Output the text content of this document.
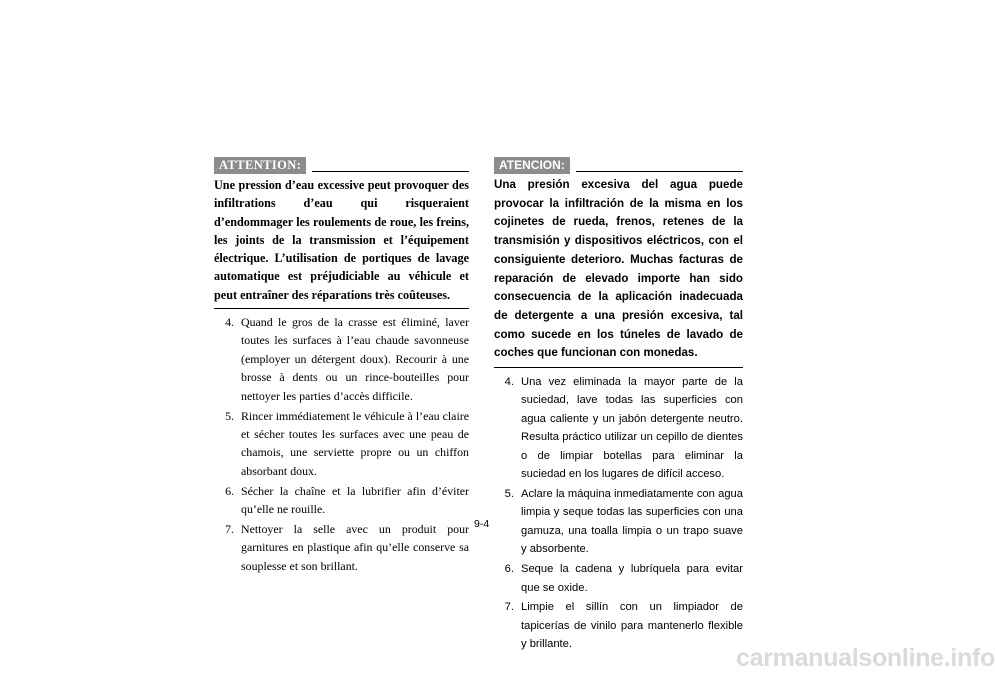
ATTENTION:
Une pression d’eau excessive peut provoquer des infiltrations d’eau qui risqueraient d’endommager les roulements de roue, les freins, les joints de la transmission et l’équipement électrique. L’utilisation de portiques de lavage automatique est préjudiciable au véhicule et peut entraîner des réparations très coûteuses.
4. Quand le gros de la crasse est éliminé, laver toutes les surfaces à l’eau chaude savonneuse (employer un détergent doux). Recourir à une brosse à dents ou un rince-bouteilles pour nettoyer les parties d’accès difficile.
5. Rincer immédiatement le véhicule à l’eau claire et sécher toutes les surfaces avec une peau de chamois, une serviette propre ou un chiffon absorbant doux.
6. Sécher la chaîne et la lubrifier afin d’éviter qu’elle ne rouille.
7. Nettoyer la selle avec un produit pour garnitures en plastique afin qu’elle conserve sa souplesse et son brillant.
ATENCION:
Una presión excesiva del agua puede provocar la infiltración de la misma en los cojinetes de rueda, frenos, retenes de la transmisión y dispositivos eléctricos, con el consiguiente deterioro. Muchas facturas de reparación de elevado importe han sido consecuencia de la aplicación inadecuada de detergente a una presión excesiva, tal como sucede en los túneles de lavado de coches que funcionan con monedas.
4. Una vez eliminada la mayor parte de la suciedad, lave todas las superficies con agua caliente y un jabón detergente neutro. Resulta práctico utilizar un cepillo de dientes o de limpiar botellas para eliminar la suciedad en los lugares de difícil acceso.
5. Aclare la máquina inmediatamente con agua limpia y seque todas las superficies con una gamuza, una toalla limpia o un trapo suave y absorbente.
6. Seque la cadena y lubríquela para evitar que se oxide.
7. Limpie el sillín con un limpiador de tapicerías de vinilo para mantenerlo flexible y brillante.
9-4
carmanualsonline.info
